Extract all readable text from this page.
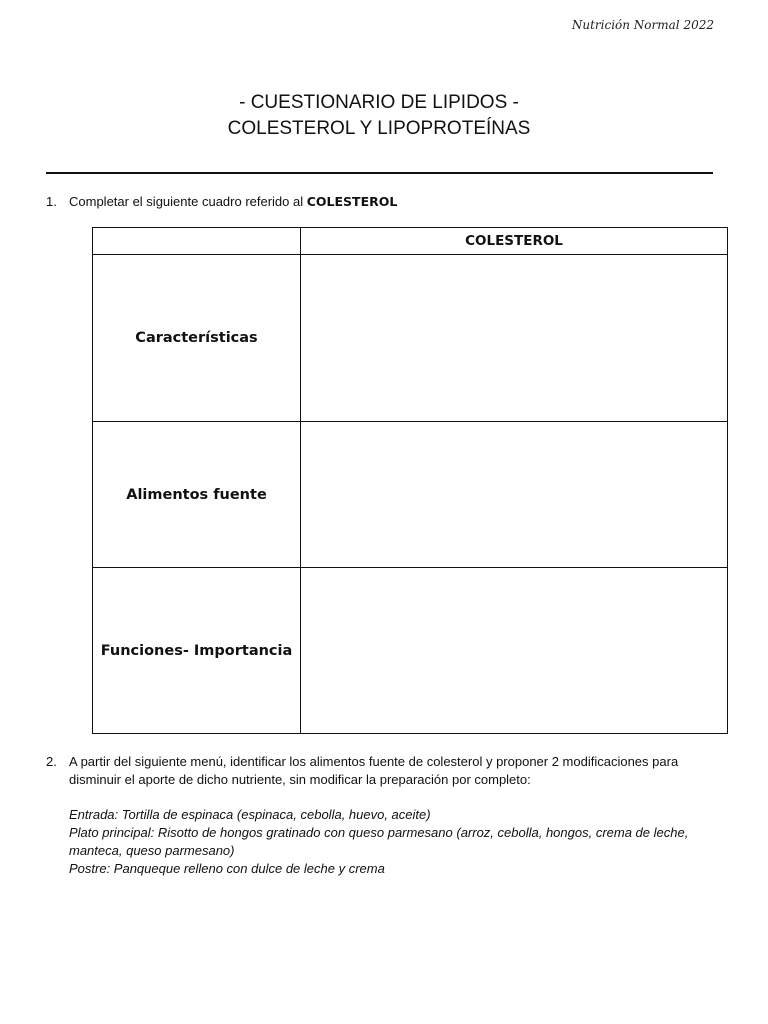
Nutrición Normal 2022
- CUESTIONARIO DE LIPIDOS -
COLESTEROL Y LIPOPROTEÍNAS
1. Completar el siguiente cuadro referido al COLESTEROL
	COLESTEROL
Características	
Alimentos fuente	
Funciones- Importancia	
2. A partir del siguiente menú, identificar los alimentos fuente de colesterol y proponer 2 modificaciones para disminuir el aporte de dicho nutriente, sin modificar la preparación por completo:
Entrada: Tortilla de espinaca (espinaca, cebolla, huevo, aceite)
Plato principal: Risotto de hongos gratinado con queso parmesano (arroz, cebolla, hongos, crema de leche, manteca, queso parmesano)
Postre: Panqueque relleno con dulce de leche y crema
